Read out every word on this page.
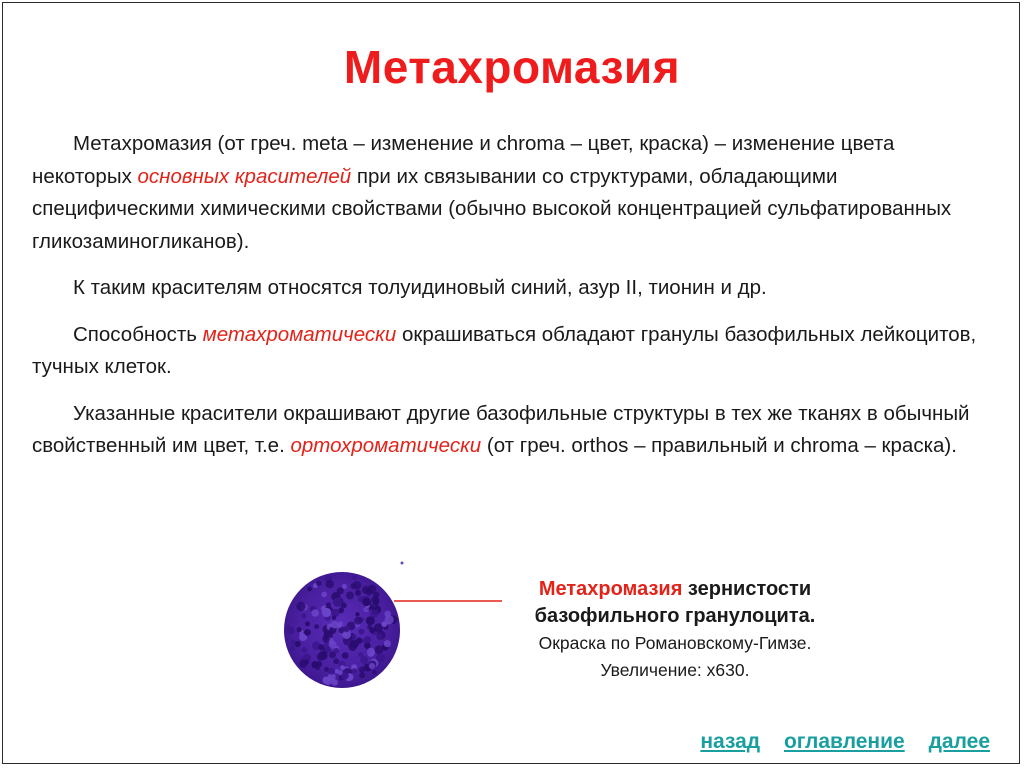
Метахромазия

Метахромазия (от греч. meta – изменение и chroma – цвет, краска) – изменение цвета некоторых основных красителей при их связывании со структурами, обладающими специфическими химическими свойствами (обычно высокой концентрацией сульфатированных гликозаминогликанов).

К таким красителям относятся толуидиновый синий, азур II, тионин и др.

Способность метахроматически окрашиваться обладают гранулы базофильных лейкоцитов, тучных клеток.

Указанные красители окрашивают другие базофильные структуры в тех же тканях в обычный свойственный им цвет, т.е. ортохроматически (от греч. orthos – правильный и chroma – краска).

Метахромазия зернистости
базофильного гранулоцита.
Окраска по Романовскому-Гимзе.
Увеличение: х630.
назад оглавление далее
